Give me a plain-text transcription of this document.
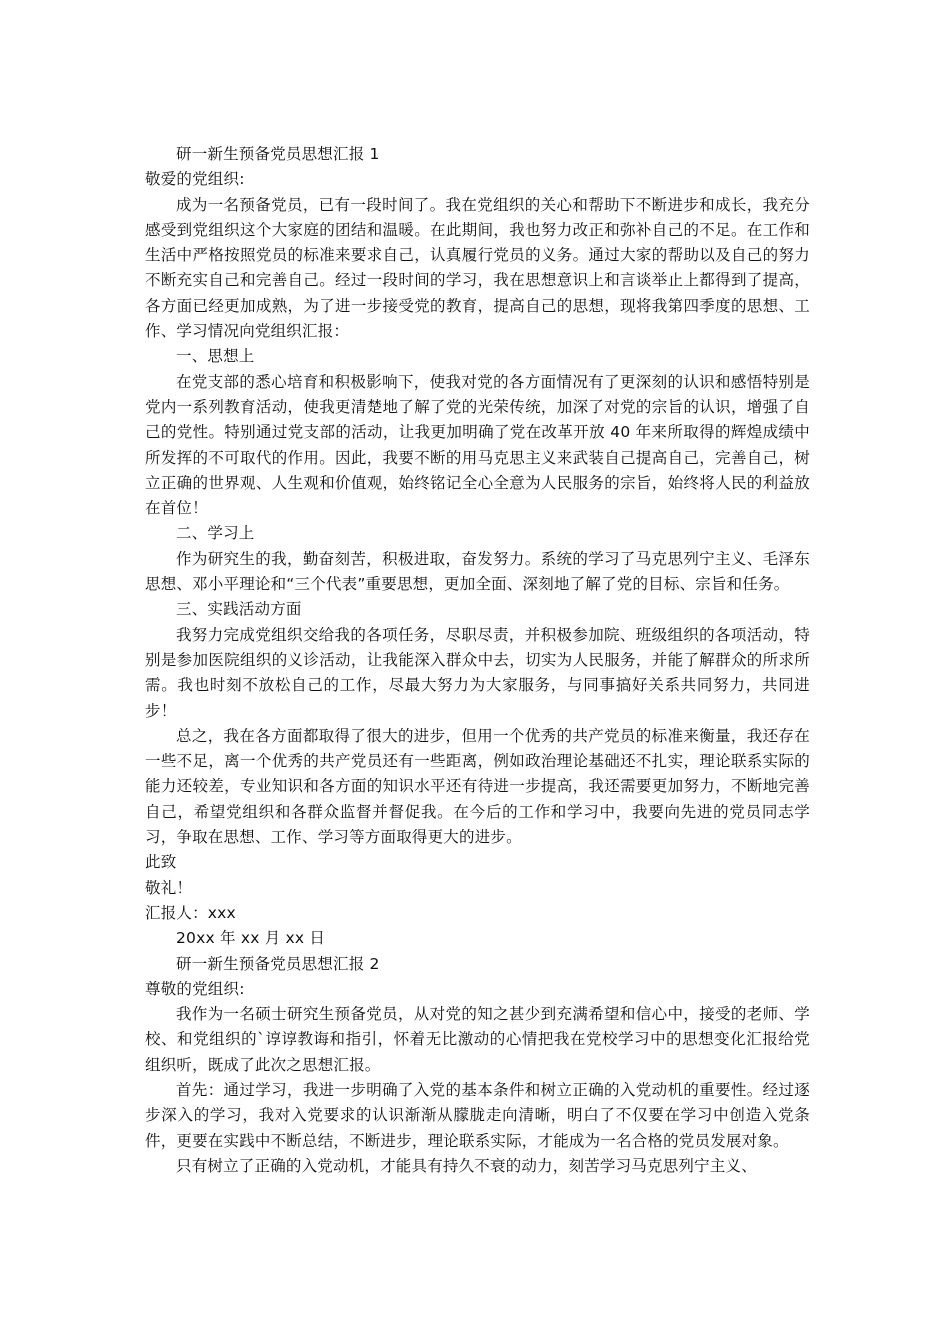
研一新生预备党员思想汇报 1

敬爱的党组织:

成为一名预备党员，已有一段时间了。我在党组织的关心和帮助下不断进步和成长，我充分感受到党组织这个大家庭的团结和温暖。在此期间，我也努力改正和弥补自己的不足。在工作和生活中严格按照党员的标准来要求自己，认真履行党员的义务。通过大家的帮助以及自己的努力不断充实自己和完善自己。经过一段时间的学习，我在思想意识上和言谈举止上都得到了提高，各方面已经更加成熟，为了进一步接受党的教育，提高自己的思想，现将我第四季度的思想、工作、学习情况向党组织汇报：

一、思想上

在党支部的悉心培育和积极影响下，使我对党的各方面情况有了更深刻的认识和感悟特别是党内一系列教育活动，使我更清楚地了解了党的光荣传统，加深了对党的宗旨的认识，增强了自己的党性。特别通过党支部的活动，让我更加明确了党在改革开放 40 年来所取得的辉煌成绩中所发挥的不可取代的作用。因此，我要不断的用马克思主义来武装自己提高自己，完善自己，树立正确的世界观、人生观和价值观，始终铭记全心全意为人民服务的宗旨，始终将人民的利益放在首位！

二、学习上

作为研究生的我，勤奋刻苦，积极进取，奋发努力。系统的学习了马克思列宁主义、毛泽东思想、邓小平理论和“三个代表”重要思想，更加全面、深刻地了解了党的目标、宗旨和任务。

三、实践活动方面

我努力完成党组织交给我的各项任务，尽职尽责，并积极参加院、班级组织的各项活动，特别是参加医院组织的义诊活动，让我能深入群众中去，切实为人民服务，并能了解群众的所求所需。我也时刻不放松自己的工作，尽最大努力为大家服务，与同事搞好关系共同努力，共同进步！

总之，我在各方面都取得了很大的进步，但用一个优秀的共产党员的标准来衡量，我还存在一些不足，离一个优秀的共产党员还有一些距离，例如政治理论基础还不扎实，理论联系实际的能力还较差，专业知识和各方面的知识水平还有待进一步提高，我还需要更加努力，不断地完善自己，希望党组织和各群众监督并督促我。在今后的工作和学习中，我要向先进的党员同志学习，争取在思想、工作、学习等方面取得更大的进步。

此致

敬礼！

汇报人：xxx

20xx 年 xx 月 xx 日

研一新生预备党员思想汇报 2

尊敬的党组织:

我作为一名硕士研究生预备党员，从对党的知之甚少到充满希望和信心中，接受的老师、学校、和党组织的`谆谆教诲和指引，怀着无比激动的心情把我在党校学习中的思想变化汇报给党组织听，既成了此次之思想汇报。

首先：通过学习，我进一步明确了入党的基本条件和树立正确的入党动机的重要性。经过逐步深入的学习，我对入党要求的认识渐渐从朦胧走向清晰，明白了不仅要在学习中创造入党条件，更要在实践中不断总结，不断进步，理论联系实际，才能成为一名合格的党员发展对象。

只有树立了正确的入党动机，才能具有持久不衰的动力，刻苦学习马克思列宁主义、
